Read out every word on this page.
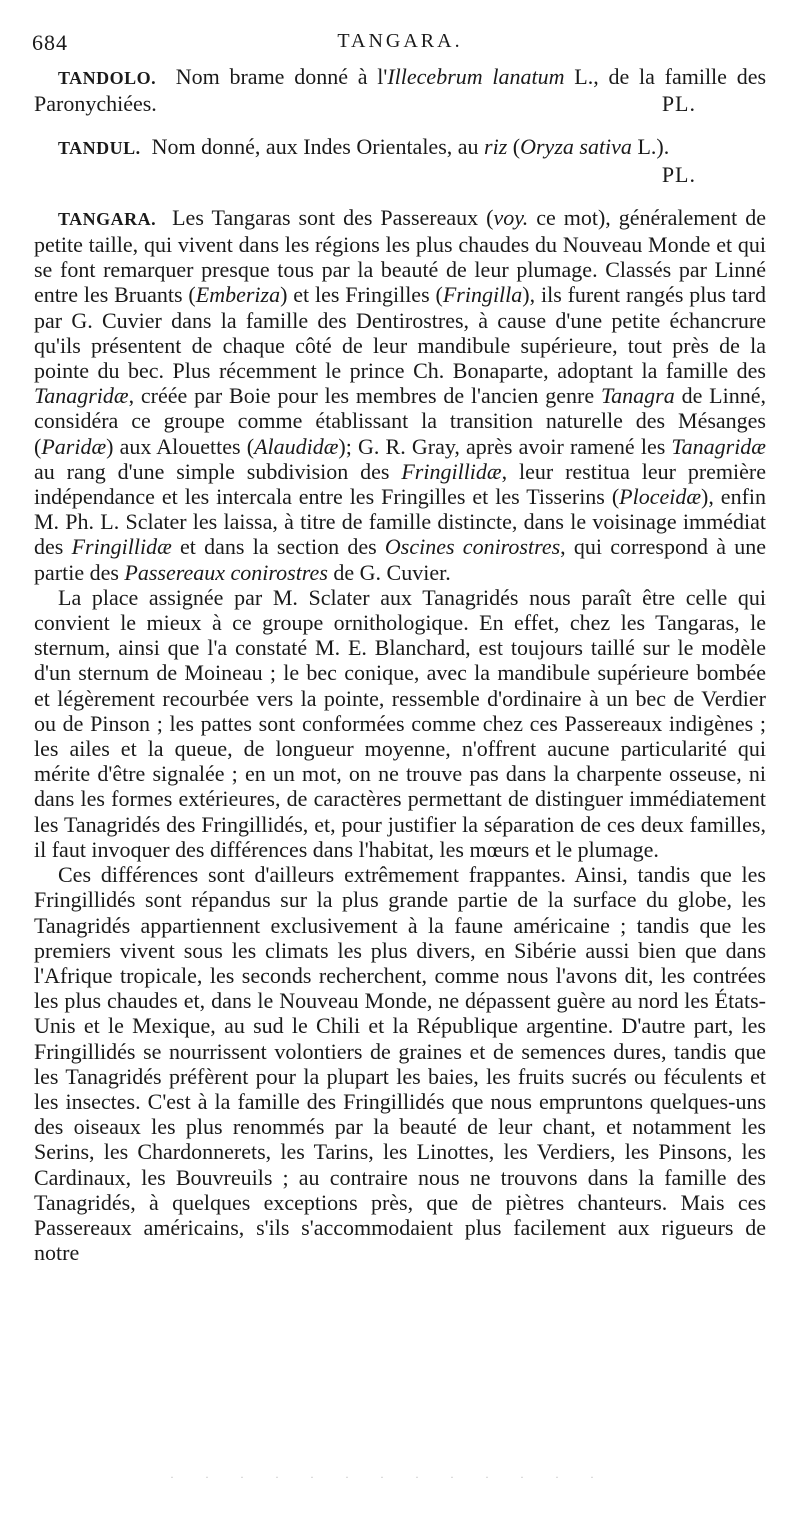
684	TANGARA.

TANDOLO. Nom brame donné à l'Illecebrum lanatum L., de la famille des Paronychiées.	PL.

TANDUL. Nom donné, aux Indes Orientales, au riz (Oryza sativa L.).

PL.

TANGARA. Les Tangaras sont des Passereaux (voy. ce mot), généralement de petite taille, qui vivent dans les régions les plus chaudes du Nouveau Monde et qui se font remarquer presque tous par la beauté de leur plumage. Classés par Linné entre les Bruants (Emberiza) et les Fringilles (Fringilla), ils furent rangés plus tard par G. Cuvier dans la famille des Dentirostres, à cause d'une petite échancrure qu'ils présentent de chaque côté de leur mandibule supérieure, tout près de la pointe du bec. Plus récemment le prince Ch. Bonaparte, adoptant la famille des Tanagridæ, créée par Boie pour les membres de l'ancien genre Tanagra de Linné, considéra ce groupe comme établissant la transition naturelle des Mésanges (Paridæ) aux Alouettes (Alaudidæ); G. R. Gray, après avoir ramené les Tanagridæ au rang d'une simple subdivision des Fringillidæ, leur restitua leur première indépendance et les intercala entre les Fringilles et les Tisserins (Ploceidæ), enfin M. Ph. L. Sclater les laissa, à titre de famille distincte, dans le voisinage immédiat des Fringillidæ et dans la section des Oscines conirostres, qui correspond à une partie des Passereaux conirostres de G. Cuvier.

La place assignée par M. Sclater aux Tanagridés nous paraît être celle qui convient le mieux à ce groupe ornithologique. En effet, chez les Tangaras, le sternum, ainsi que l'a constaté M. E. Blanchard, est toujours taillé sur le modèle d'un sternum de Moineau ; le bec conique, avec la mandibule supérieure bombée et légèrement recourbée vers la pointe, ressemble d'ordinaire à un bec de Verdier ou de Pinson ; les pattes sont conformées comme chez ces Passereaux indigènes ; les ailes et la queue, de longueur moyenne, n'offrent aucune particularité qui mérite d'être signalée ; en un mot, on ne trouve pas dans la charpente osseuse, ni dans les formes extérieures, de caractères permettant de distinguer immédiatement les Tanagridés des Fringillidés, et, pour justifier la séparation de ces deux familles, il faut invoquer des différences dans l'habitat, les mœurs et le plumage.

Ces différences sont d'ailleurs extrêmement frappantes. Ainsi, tandis que les Fringillidés sont répandus sur la plus grande partie de la surface du globe, les Tanagridés appartiennent exclusivement à la faune américaine ; tandis que les premiers vivent sous les climats les plus divers, en Sibérie aussi bien que dans l'Afrique tropicale, les seconds recherchent, comme nous l'avons dit, les contrées les plus chaudes et, dans le Nouveau Monde, ne dépassent guère au nord les États-Unis et le Mexique, au sud le Chili et la République argentine. D'autre part, les Fringillidés se nourrissent volontiers de graines et de semences dures, tandis que les Tanagridés préfèrent pour la plupart les baies, les fruits sucrés ou féculents et les insectes. C'est à la famille des Fringillidés que nous empruntons quelques-uns des oiseaux les plus renommés par la beauté de leur chant, et notamment les Serins, les Chardonnerets, les Tarins, les Linottes, les Verdiers, les Pinsons, les Cardinaux, les Bouvreuils ; au contraire nous ne trouvons dans la famille des Tanagridés, à quelques exceptions près, que de piètres chanteurs. Mais ces Passereaux américains, s'ils s'accommodaient plus facilement aux rigueurs de notre

· · · · · · · · · · · · ·
